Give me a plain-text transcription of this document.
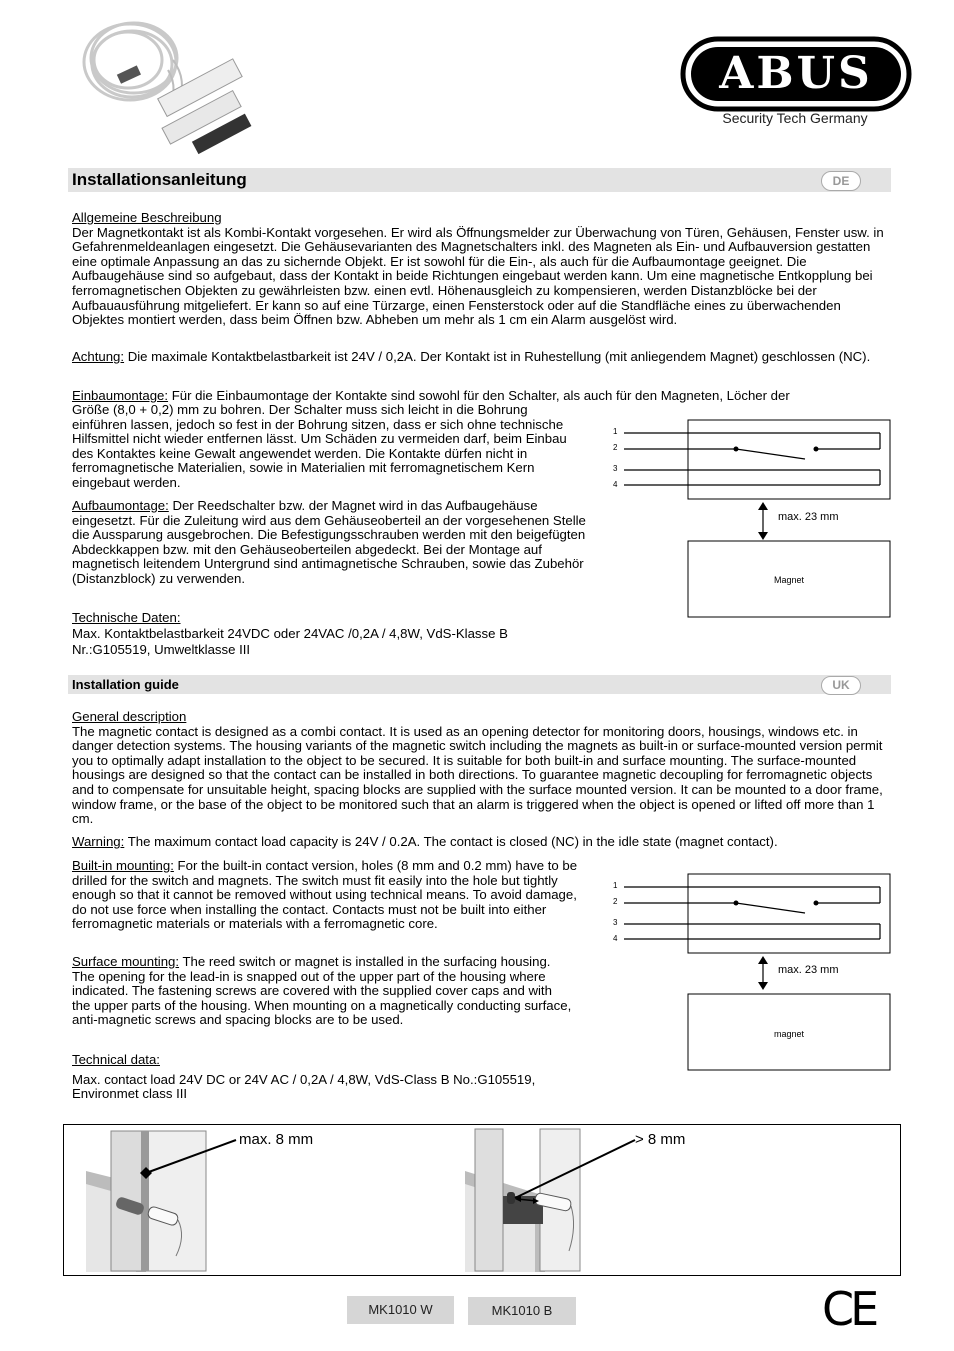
ABUS
Security Tech Germany
Installationsanleitung	DE

Allgemeine Beschreibung

Der Magnetkontakt ist als Kombi-Kontakt vorgesehen. Er wird als Öffnungsmelder zur Überwachung von Türen, Gehäusen, Fenster usw. in Gefahrenmeldeanlagen eingesetzt. Die Gehäusevarianten des Magnetschalters inkl. des Magneten als Ein- und Aufbauversion gestatten eine optimale Anpassung an das zu sichernde Objekt. Er ist sowohl für die Ein-, als auch für die Aufbaumontage geeignet. Die Aufbaugehäuse sind so aufgebaut, dass der Kontakt in beide Richtungen eingebaut werden kann. Um eine magnetische Entkopplung bei ferromagnetischen Objekten zu gewährleisten bzw. einen evtl. Höhenausgleich zu kompensieren, werden Distanzblöcke bei der Aufbauausführung mitgeliefert. Er kann so auf eine Türzarge, einen Fensterstock oder auf die Standfläche eines zu überwachenden Objektes montiert werden, dass beim Öffnen bzw. Abheben um mehr als 1 cm ein Alarm ausgelöst wird.

Achtung: Die maximale Kontaktbelastbarkeit ist 24V / 0,2A. Der Kontakt ist in Ruhestellung (mit anliegendem Magnet) geschlossen (NC).
Einbaumontage: Für die Einbaumontage der Kontakte sind sowohl für den Schalter, als auch für den Magneten, Löcher der
Größe (8,0 + 0,2) mm zu bohren. Der Schalter muss sich leicht in die Bohrung einführen lassen, jedoch so fest in der Bohrung sitzen, dass er sich ohne technische Hilfsmittel nicht wieder entfernen lässt. Um Schäden zu vermeiden darf, beim Einbau des Kontaktes keine Gewalt angewendet werden. Die Kontakte dürfen nicht in ferromagnetische Materialien, sowie in Materialien mit ferromagnetischem Kern eingebaut werden.
Aufbaumontage: Der Reedschalter bzw. der Magnet wird in das Aufbaugehäuse eingesetzt. Für die Zuleitung wird aus dem Gehäuseoberteil an der vorgesehenen Stelle die Aussparung ausgebrochen. Die Befestigungsschrauben werden mit den beigefügten Abdeckkappen bzw. mit den Gehäuseoberteilen abgedeckt. Bei der Montage auf magnetisch leitendem Untergrund sind antimagnetische Schrauben, sowie das Zubehör (Distanzblock) zu verwenden.

Technische Daten:

Max. Kontaktbelastbarkeit 24VDC oder 24VAC /0,2A / 4,8W, VdS-Klasse B

Nr.:G105519, Umweltklasse III

1
2
3
4
max. 23 mm
Magnet
Installation guide	UK

General description

The magnetic contact is designed as a combi contact. It is used as an opening detector for monitoring doors, housings, windows etc. in danger detection systems. The housing variants of the magnetic switch including the magnets as built-in or surface-mounted version permit you to optimally adapt installation to the object to be secured. It is suitable for both built-in and surface mounting. The surface-mounted housings are designed so that the contact can be installed in both directions. To guarantee magnetic decoupling for ferromagnetic objects and to compensate for unsuitable height, spacing blocks are supplied with the surface mounted version. It can be mounted to a door frame, window frame, or the base of the object to be monitored such that an alarm is triggered when the object is opened or lifted off more than 1 cm.

Warning: The maximum contact load capacity is 24V / 0.2A. The contact is closed (NC) in the idle state (magnet contact).
Built-in mounting: For the built-in contact version, holes (8 mm and 0.2 mm) have to be drilled for the switch and magnets. The switch must fit easily into the hole but tightly enough so that it cannot be removed without using technical means. To avoid damage, do not use force when installing the contact. Contacts must not be built into either ferromagnetic materials or materials with a ferromagnetic core.
Surface mounting: The reed switch or magnet is installed in the surfacing housing. The opening for the lead-in is snapped out of the upper part of the housing where indicated. The fastening screws are covered with the supplied cover caps and with the upper parts of the housing. When mounting on a magnetically conducting surface, anti-magnetic screws and spacing blocks are to be used.

Technical data:

Max. contact load 24V DC or 24V AC / 0,2A / 4,8W, VdS-Class B No.:G105519, Environmet class III

1
2
3
4
max. 23 mm
magnet
max. 8 mm	> 8 mm
MK1010 W	MK1010 B	CE
